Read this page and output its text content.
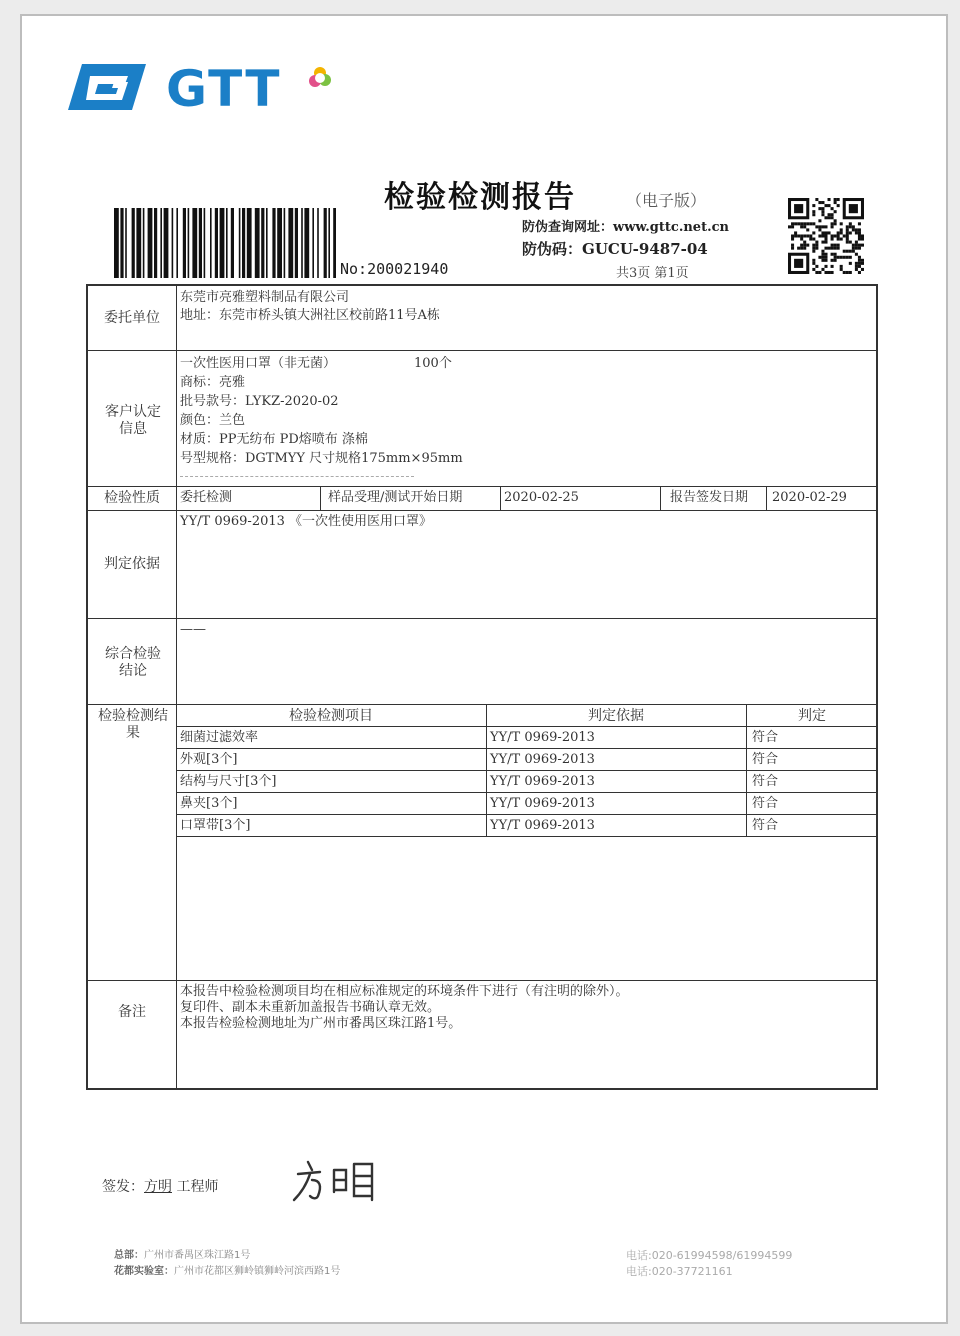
GTT
检验检测报告	（电子版）
No:200021940
防伪查询网址：www.gttc.net.cn
防伪码：GUCU-9487-04
共3页 第1页
委托单位
东莞市亮雅塑料制品有限公司
地址：东莞市桥头镇大洲社区校前路11号A栋
客户认定信息
一次性医用口罩（非无菌）	100个
商标：亮雅
批号款号：LYKZ-2020-02
颜色：兰色
材质：PP无纺布 PD熔喷布 涤棉
号型规格：DGTMYY 尺寸规格175mm×95mm
检验性质	委托检测	样品受理/测试开始日期	2020-02-25	报告签发日期 2020-02-29
判定依据
YY/T 0969-2013 《一次性使用医用口罩》
综合检验结论
——
检验检测结果
检验检测项目	判定依据	判定
细菌过滤效率	YY/T 0969-2013	符合
外观[3个]	YY/T 0969-2013	符合
结构与尺寸[3个]	YY/T 0969-2013	符合
鼻夹[3个]	YY/T 0969-2013	符合
口罩带[3个]	YY/T 0969-2013	符合
备注
本报告中检验检测项目均在相应标准规定的环境条件下进行（有注明的除外）。
复印件、副本未重新加盖报告书确认章无效。
本报告检验检测地址为广州市番禺区珠江路1号。
签发：方明 工程师
总部：广州市番禺区珠江路1号
花都实验室：广州市花都区狮岭镇狮岭河滨西路1号
电话:020-61994598/61994599
电话:020-37721161
